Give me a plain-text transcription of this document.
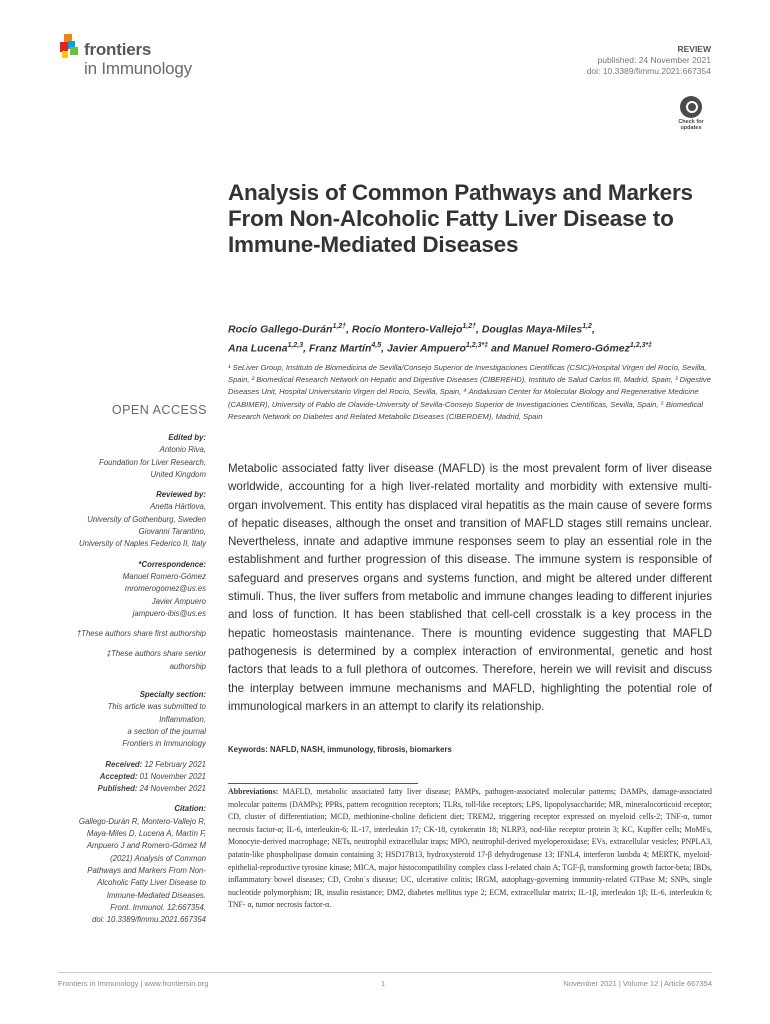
frontiers
in Immunology
REVIEW
published: 24 November 2021
doi: 10.3389/fimmu.2021.667354
Check for updates
Analysis of Common Pathways and Markers From Non-Alcoholic Fatty Liver Disease to Immune-Mediated Diseases
Rocío Gallego-Durán$^{1,2\dagger}$, Rocío Montero-Vallejo$^{1,2\dagger}$, Douglas Maya-Miles$^{1,2}$,
Ana Lucena$^{1,2,3}$, Franz Martín$^{4,5}$, Javier Ampuero$^{1,2,3*\ddagger}$ and Manuel Romero-Gómez$^{1,2,3*\ddagger}$
¹ SeLiver Group, Instituto de Biomedicina de Sevilla/Consejo Superior de Investigaciones Científicas (CSIC)/Hospital Virgen del Rocío, Sevilla, Spain, ² Biomedical Research Network on Hepatic and Digestive Diseases (CIBEREHD), Instituto de Salud Carlos III, Madrid, Spain, ³ Digestive Diseases Unit, Hospital Universitario Virgen del Rocío, Sevilla, Spain, ⁴ Andalusian Center for Molecular Biology and Regenerative Medicine (CABIMER), University of Pablo de Olavide-University of Sevilla-Consejo Superior de Investigaciones Científicas, Sevilla, Spain, ⁵ Biomedical Research Network on Diabetes and Related Metabolic Diseases (CIBERDEM), Madrid, Spain
OPEN ACCESS
Edited by:
Antonio Riva,
Foundation for Liver Research,
United Kingdom
Reviewed by:
Anetta Härtlova,
University of Gothenburg, Sweden
Giovanni Tarantino,
University of Naples Federico II, Italy
*Correspondence:
Manuel Romero-Gómez
mromerogomez@us.es
Javier Ampuero
jampuero-ibis@us.es
†These authors share first authorship
‡These authors share senior
authorship
Specialty section:
This article was submitted to
Inflammation,
a section of the journal
Frontiers in Immunology
Received: 12 February 2021
Accepted: 01 November 2021
Published: 24 November 2021
Citation:
Gallego-Durán R, Montero-Vallejo R,
Maya-Miles D, Lucena A, Martín F,
Ampuero J and Romero-Gómez M
(2021) Analysis of Common
Pathways and Markers From Non-
Alcoholic Fatty Liver Disease to
Immune-Mediated Diseases.
Front. Immunol. 12:667354.
doi: 10.3389/fimmu.2021.667354

Metabolic associated fatty liver disease (MAFLD) is the most prevalent form of liver disease worldwide, accounting for a high liver-related mortality and morbidity with extensive multi-organ involvement. This entity has displaced viral hepatitis as the main cause of severe forms of hepatic diseases, although the onset and transition of MAFLD stages still remains unclear. Nevertheless, innate and adaptive immune responses seem to play an essential role in the establishment and further progression of this disease. The immune system is responsible of safeguard and preserves organs and systems function, and might be altered under different stimuli. Thus, the liver suffers from metabolic and immune changes leading to different injuries and loss of function. It has been stablished that cell-cell crosstalk is a key process in the hepatic homeostasis maintenance. There is mounting evidence suggesting that MAFLD pathogenesis is determined by a complex interaction of environmental, genetic and host factors that leads to a full plethora of outcomes. Therefore, herein we will revisit and discuss the interplay between immune mechanisms and MAFLD, highlighting the potential role of immunological markers in an attempt to clarify its relationship.

Keywords: NAFLD, NASH, immunology, fibrosis, biomarkers
Abbreviations: MAFLD, metabolic associated fatty liver disease; PAMPs, pathogen-associated molecular patterns; DAMPs, damage-associated molecular patterns (DAMPs); PPRs, pattern recognition receptors; TLRs, toll-like receptors; LPS, lipopolysaccharide; MR, mineralocorticoid receptor; CD, cluster of differentiation; MCD, methionine-choline deficient diet; TREM2, triggering receptor expressed on myeloid cells-2; TNF-α, tumor necrosis factor-α; IL-6, interleukin-6; IL-17, interleukin 17; CK-18, cytokeratin 18; NLRP3, nod-like receptor protein 3; KC, Kupffer cells; MoMFs, Monocyte-derived macrophage; NETs, neutrophil extracellular traps; MPO, neutrophil-derived myeloperoxidase; EVs, extracellular vesicles; PNPLA3, patatin-like phospholipase domain containing 3; HSD17B13, hydroxysteroid 17-β dehydrogenase 13; IFNL4, interferon lambda 4; MERTK, myeloid-epithelial-reproductive tyrosine kinase; MICA, major histocompatibility complex class I-related chain A; TGF-β, transforming growth factor-beta; IBDs, inflammatory bowel diseases; CD, Crohn´s disease; UC, ulcerative colitis; IRGM, autophagy-governing immunity-related GTPase M; SNPs, single nucleotide polymorphism; IR, insulin resistance; DM2, diabetes mellitus type 2; ECM, extracellular matrix; IL-1β, interleukin 1β; IL-6, interleukin 6; TNF- α, tumor necrosis factor-α.
Frontiers in Immunology | www.frontiersin.org	1	November 2021 | Volume 12 | Article 667354
